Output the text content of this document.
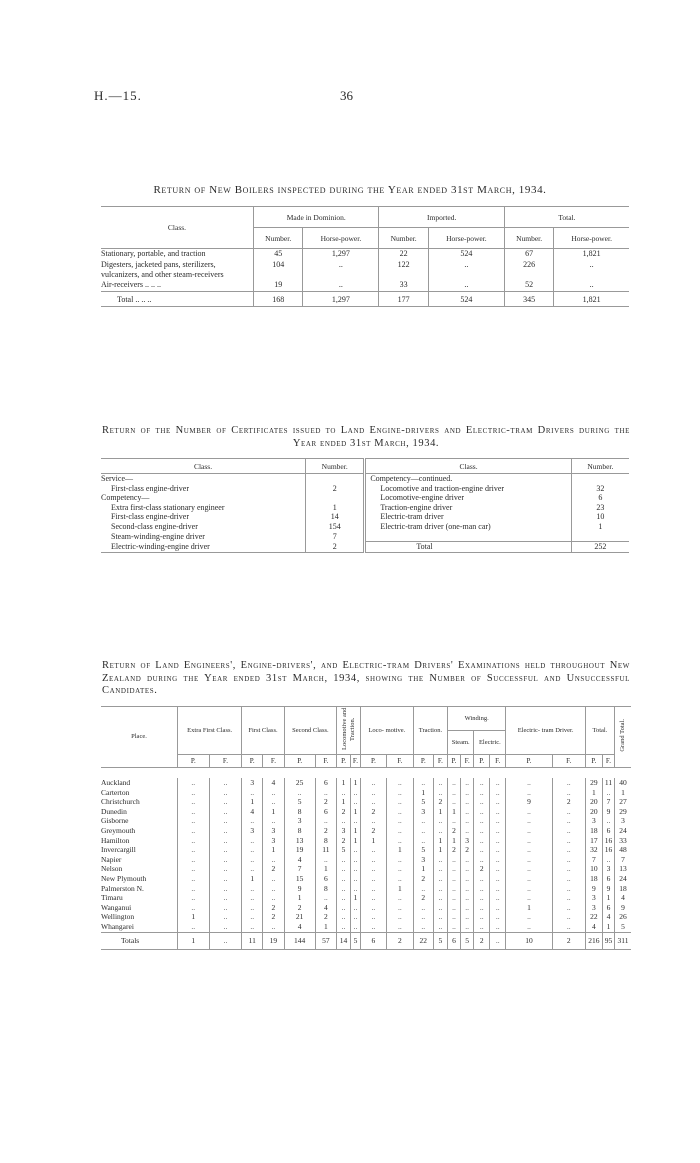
H.—15.	36
Return of New Boilers inspected during the Year ended 31st March, 1934.
Class.	Made in Dominion.		Imported.		Total.	
	Number.	Horse-power.	Number.	Horse-power.	Number.	Horse-power.
Stationary, portable, and traction	45	1,297	22	524	67	1,821
Digesters, jacketed pans, sterilizers, vulcanizers, and other steam-receivers	104	..	122	..	226	..
Air-receivers .. .. ..	19	..	33	..	52	..
Total .. .. ..	168	1,297	177	524	345	1,821
Return of the Number of Certificates issued to Land Engine-drivers and Electric-tram Drivers during the Year ended 31st March, 1934.
Class.	Number.	Class.	Number.
Service—		Competency—continued.	
First-class engine-driver	2	Locomotive and traction-engine driver	32
Competency—		Locomotive-engine driver	6
Extra first-class stationary engineer	1	Traction-engine driver	23
First-class engine-driver	14	Electric-tram driver	10
Second-class engine-driver	154	Electric-tram driver (one-man car)	1
Steam-winding-engine driver	7		
Electric-winding-engine driver	2	Total	252
Return of Land Engineers', Engine-drivers', and Electric-tram Drivers' Examinations held throughout New Zealand during the Year ended 31st March, 1934, showing the Number of Successful and Unsuccessful Candidates.
Place.	Extra First Class.		First Class.		Second Class.		Locomotive and Traction.		Loco- motive.		Traction.		Winding.				Electric- tram Driver.		Total.		Grand Total.
													Steam.		Electric.						
	P.	F.	P.	F.	P.	F.	P.	F.	P.	F.	P.	F.	P.	F.	P.	F.	P.	F.	P.	F.	

Auckland	..	..	3	4	25	6	1	1	..	..	..	..	..	..	..	..	..	..	29	11	40
Carterton	..	..	..	..	..	..	..	..	..	..	1	..	..	..	..	..	..	..	1	..	1
Christchurch	..	..	1	..	5	2	1	..	..	..	5	2	..	..	..	..	9	2	20	7	27
Dunedin	..	..	4	1	8	6	2	1	2	..	3	1	1	..	..	..	..	..	20	9	29
Gisborne	..	..	..	..	3	..	..	..	..	..	..	..	..	..	..	..	..	..	3	..	3
Greymouth	..	..	3	3	8	2	3	1	2	..	..	..	2	..	..	..	..	..	18	6	24
Hamilton	..	..	..	3	13	8	2	1	1	..	..	1	1	3	..	..	..	..	17	16	33
Invercargill	..	..	..	1	19	11	5	..	..	1	5	1	2	2	..	..	..	..	32	16	48
Napier	..	..	..	..	4	..	..	..	..	..	3	..	..	..	..	..	..	..	7	..	7
Nelson	..	..	..	2	7	1	..	..	..	..	1	..	..	..	2	..	..	..	10	3	13
New Plymouth	..	..	1	..	15	6	..	..	..	..	2	..	..	..	..	..	..	..	18	6	24
Palmerston N.	..	..	..	..	9	8	..	..	..	1	..	..	..	..	..	..	..	..	9	9	18
Timaru	..	..	..	..	1	..	..	1	..	..	2	..	..	..	..	..	..	..	3	1	4
Wanganui	..	..	..	2	2	4	..	..	..	..	..	..	..	..	..	..	1	..	3	6	9
Wellington	1	..	..	2	21	2	..	..	..	..	..	..	..	..	..	..	..	..	22	4	26
Whangarei	..	..	..	..	4	1	..	..	..	..	..	..	..	..	..	..	..	..	4	1	5
Totals	1	..	11	19	144	57	14	5	6	2	22	5	6	5	2	..	10	2	216	95	311
